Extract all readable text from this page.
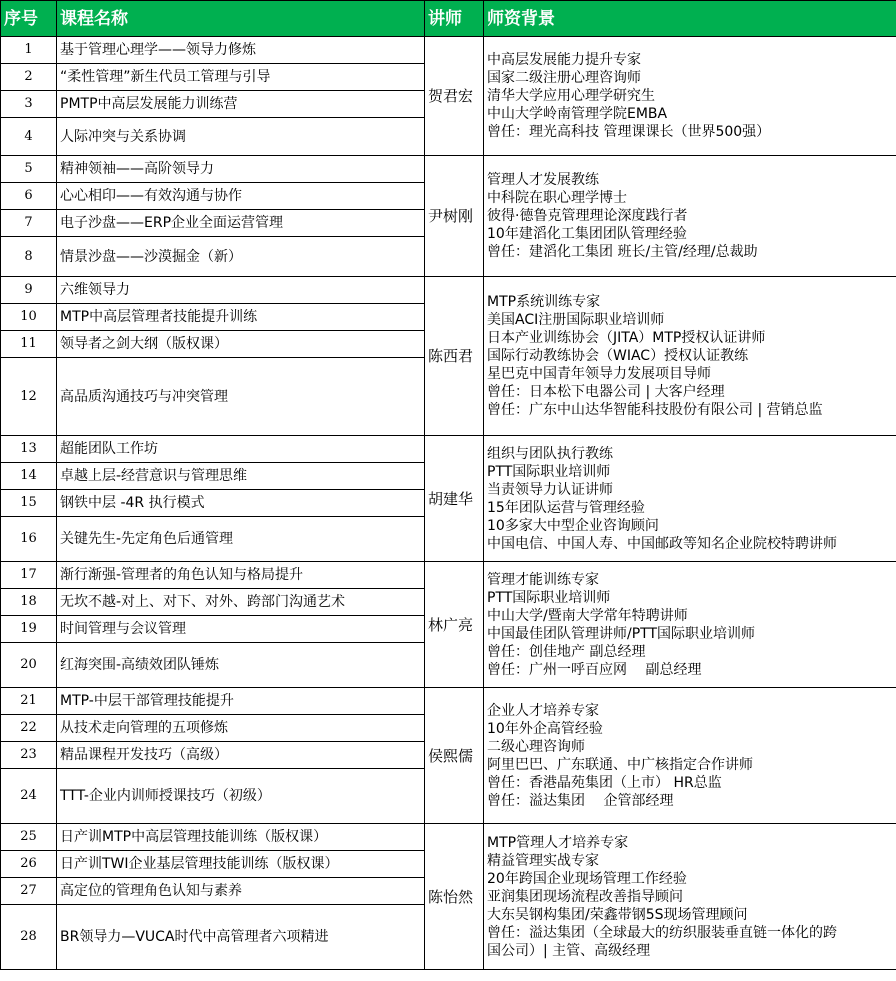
序号	课程名称	讲师	师资背景
1	基于管理心理学——领导力修炼	贺君宏	中高层发展能力提升专家
国家二级注册心理咨询师
清华大学应用心理学研究生
中山大学岭南管理学院EMBA
曾任：理光高科技 管理课课长（世界500强）

2	“柔性管理”新生代员工管理与引导		
3	PMTP中高层发展能力训练营		
4	人际冲突与关系协调		
5	精神领袖——高阶领导力	尹树刚	管理人才发展教练
中科院在职心理学博士
彼得·德鲁克管理理论深度践行者
10年建滔化工集团团队管理经验
曾任：建滔化工集团 班长/主管/经理/总裁助

6	心心相印——有效沟通与协作		
7	电子沙盘——ERP企业全面运营管理		
8	情景沙盘——沙漠掘金（新）		
9	六维领导力	陈西君	
MTP系统训练专家
美国ACI注册国际职业培训师
日本产业训练协会（JITA）MTP授权认证讲师
国际行动教练协会（WIAC）授权认证教练
星巴克中国青年领导力发展项目导师
曾任：日本松下电器公司 | 大客户经理
曾任：广东中山达华智能科技股份有限公司 | 营销总监

10	MTP中高层管理者技能提升训练		
11	领导者之剑大纲（版权课）		
12	高品质沟通技巧与冲突管理		
13	超能团队工作坊	胡建华	
组织与团队执行教练
PTT国际职业培训师
当责领导力认证讲师
15年团队运营与管理经验
10多家大中型企业咨询顾问
中国电信、中国人寿、中国邮政等知名企业院校特聘讲师

14	卓越上层-经营意识与管理思维		
15	钢铁中层 -4R 执行模式		
16	关键先生-先定角色后通管理		
17	渐行渐强-管理者的角色认知与格局提升	林广亮	
管理才能训练专家
PTT国际职业培训师
中山大学/暨南大学常年特聘讲师
中国最佳团队管理讲师/PTT国际职业培训师
曾任：创佳地产 副总经理
曾任：广州一呼百应网　 副总经理

18	无坎不越-对上、对下、对外、跨部门沟通艺术		
19	时间管理与会议管理		
20	红海突围-高绩效团队锤炼		
21	MTP-中层干部管理技能提升	侯熙儒	
企业人才培养专家
10年外企高管经验
二级心理咨询师
阿里巴巴、广东联通、中广核指定合作讲师
曾任：香港晶苑集团（上市） HR总监
曾任：溢达集团　 企管部经理

22	从技术走向管理的五项修炼		
23	精品课程开发技巧（高级）		
24	TTT-企业内训师授课技巧（初级）		
25	日产训MTP中高层管理技能训练（版权课）	陈怡然	
MTP管理人才培养专家
精益管理实战专家
20年跨国企业现场管理工作经验
亚润集团现场流程改善指导顾问
大东吴钢构集团/荣鑫带钢5S现场管理顾问
曾任：溢达集团（全球最大的纺织服装垂直链一体化的跨
国公司）| 主管、高级经理

26	日产训TWI企业基层管理技能训练（版权课）		
27	高定位的管理角色认知与素养		
28	BR领导力—VUCA时代中高管理者六项精进		
